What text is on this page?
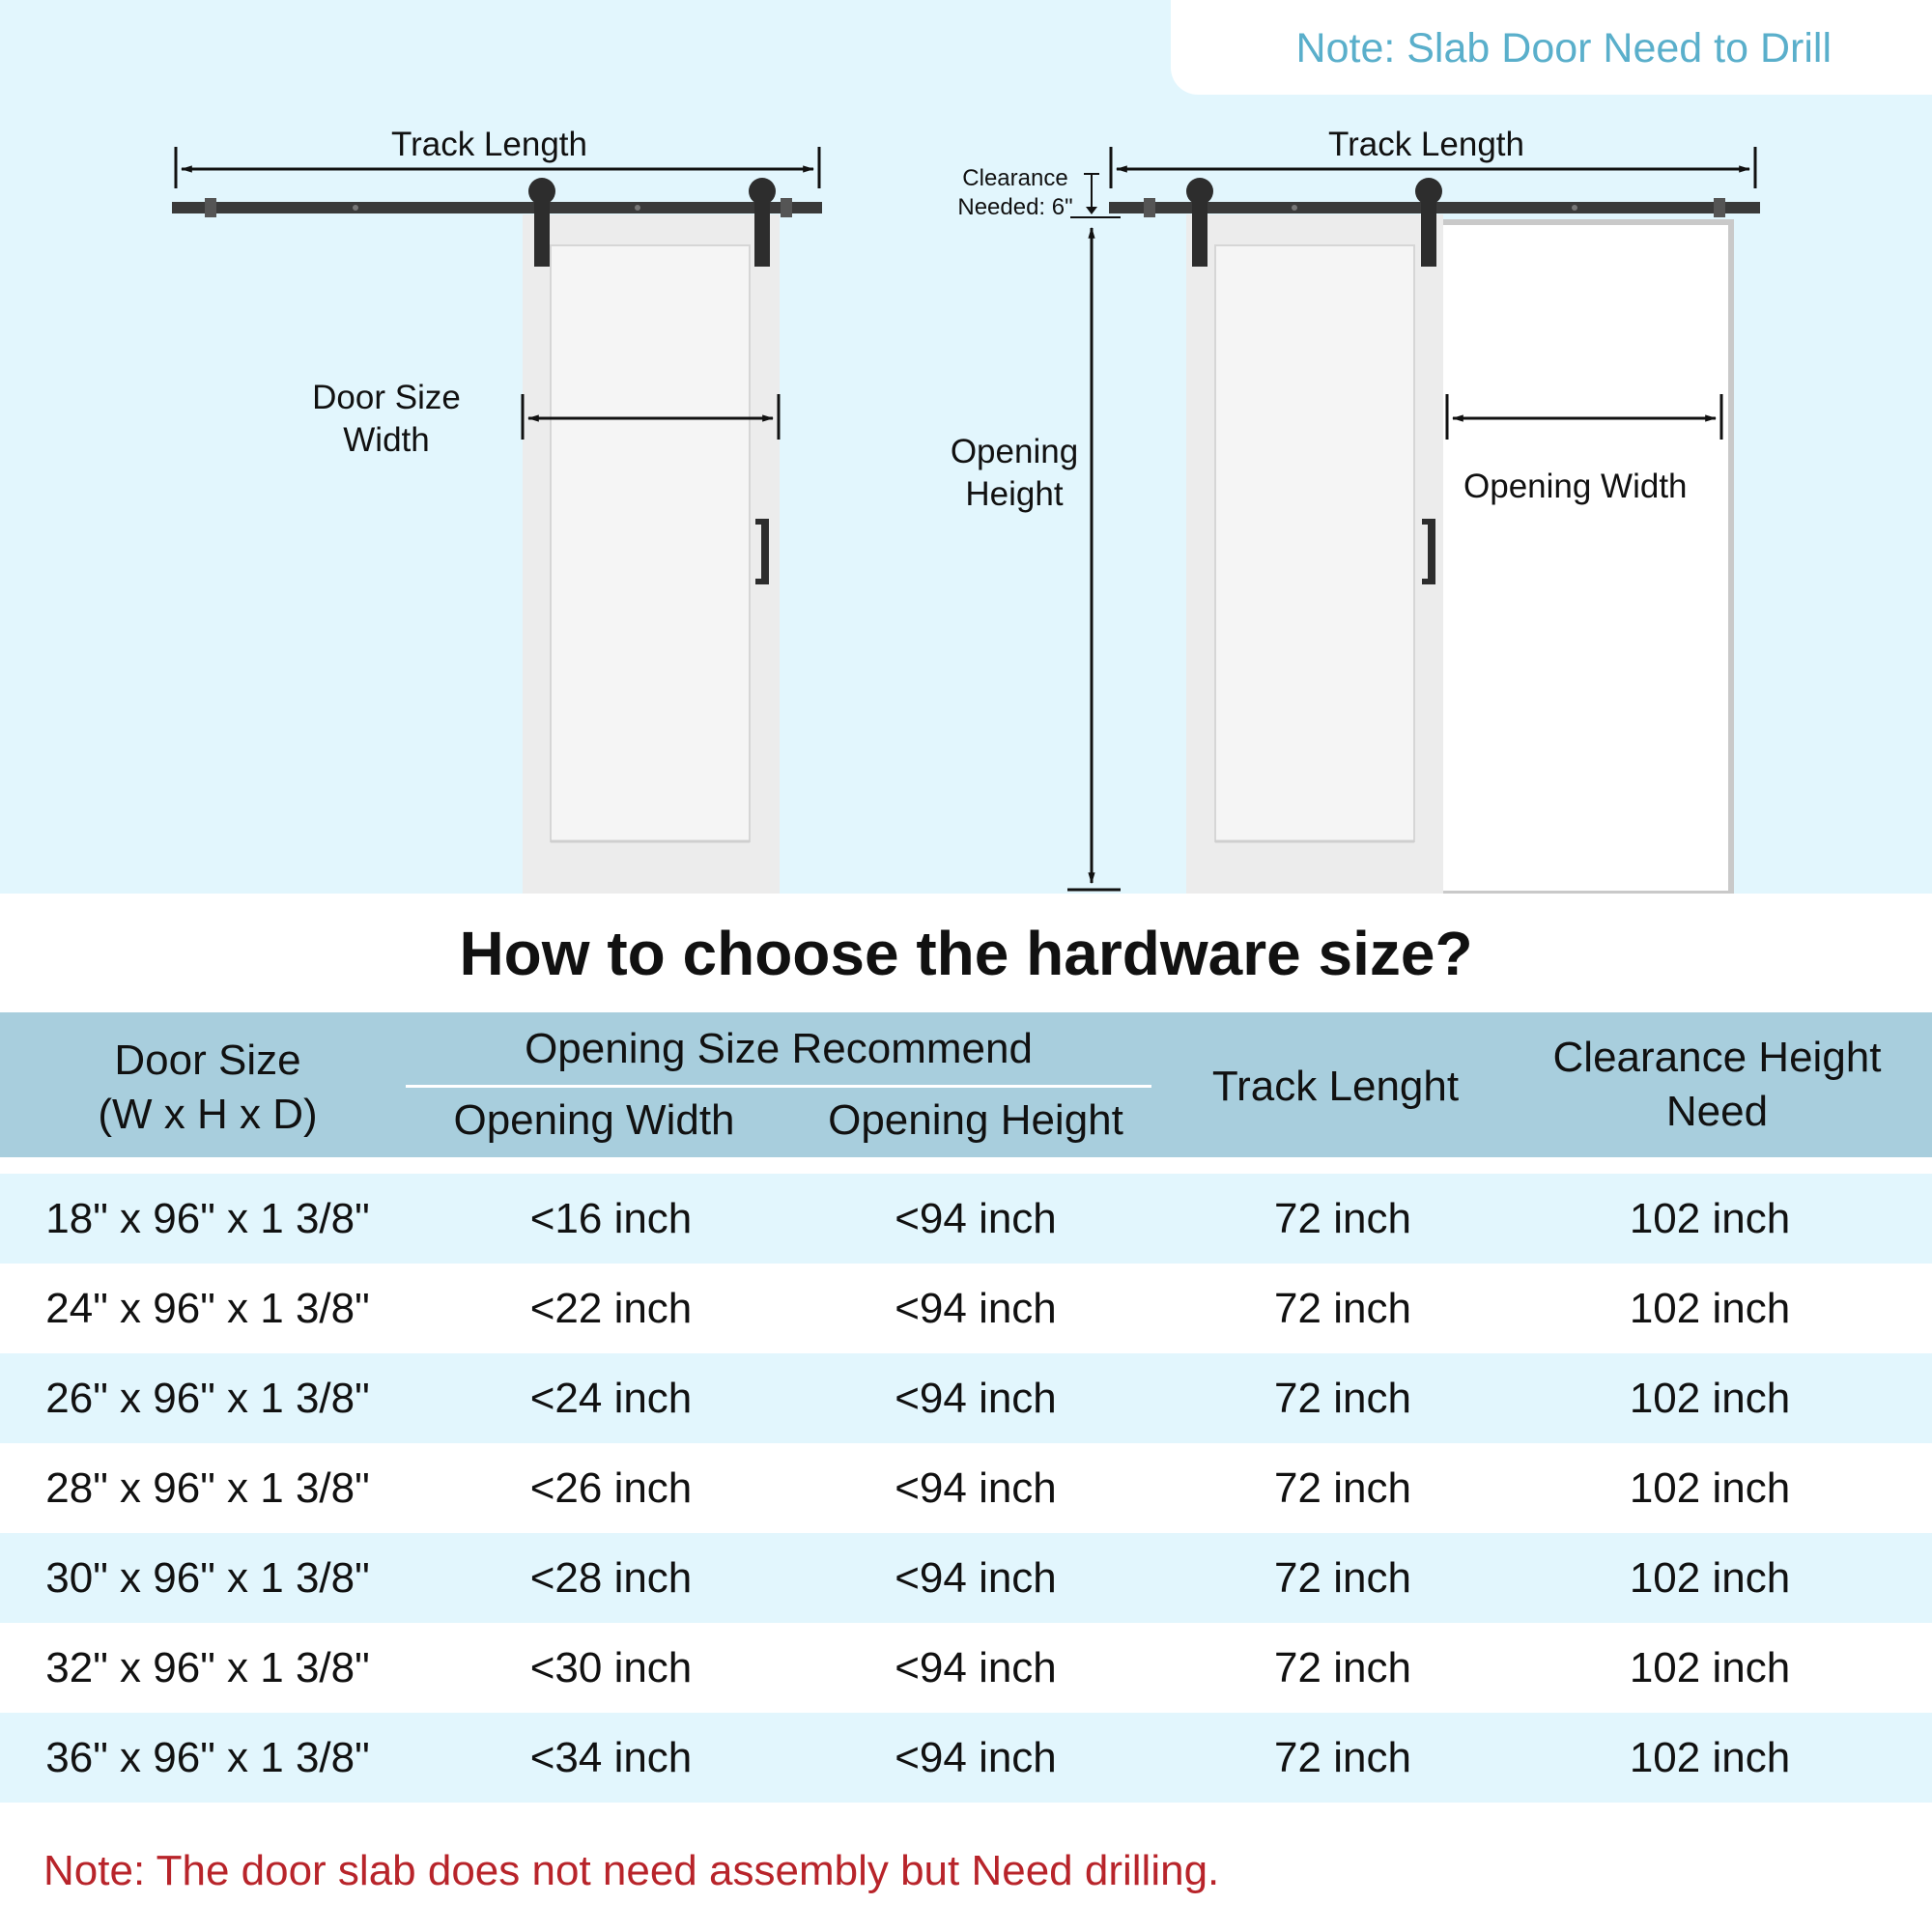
Note: Slab Door Need to Drill
Track Length
Door Size
Width
Track Length
Clearance
Needed: 6"
Opening
Height	Opening Width
How to choose the hardware size?
Door Size
(W x H x D)
Opening Size Recommend
Opening Width	Opening Height
Track Lenght
Clearance Height
Need
18" x 96" x 1 3/8"	<16 inch	<94 inch	72 inch	102 inch
24" x 96" x 1 3/8"	<22 inch	<94 inch	72 inch	102 inch
26" x 96" x 1 3/8"	<24 inch	<94 inch	72 inch	102 inch
28" x 96" x 1 3/8"	<26 inch	<94 inch	72 inch	102 inch
30" x 96" x 1 3/8"	<28 inch	<94 inch	72 inch	102 inch
32" x 96" x 1 3/8"	<30 inch	<94 inch	72 inch	102 inch
36" x 96" x 1 3/8"	<34 inch	<94 inch	72 inch	102 inch
Note: The door slab does not need assembly but Need drilling.
